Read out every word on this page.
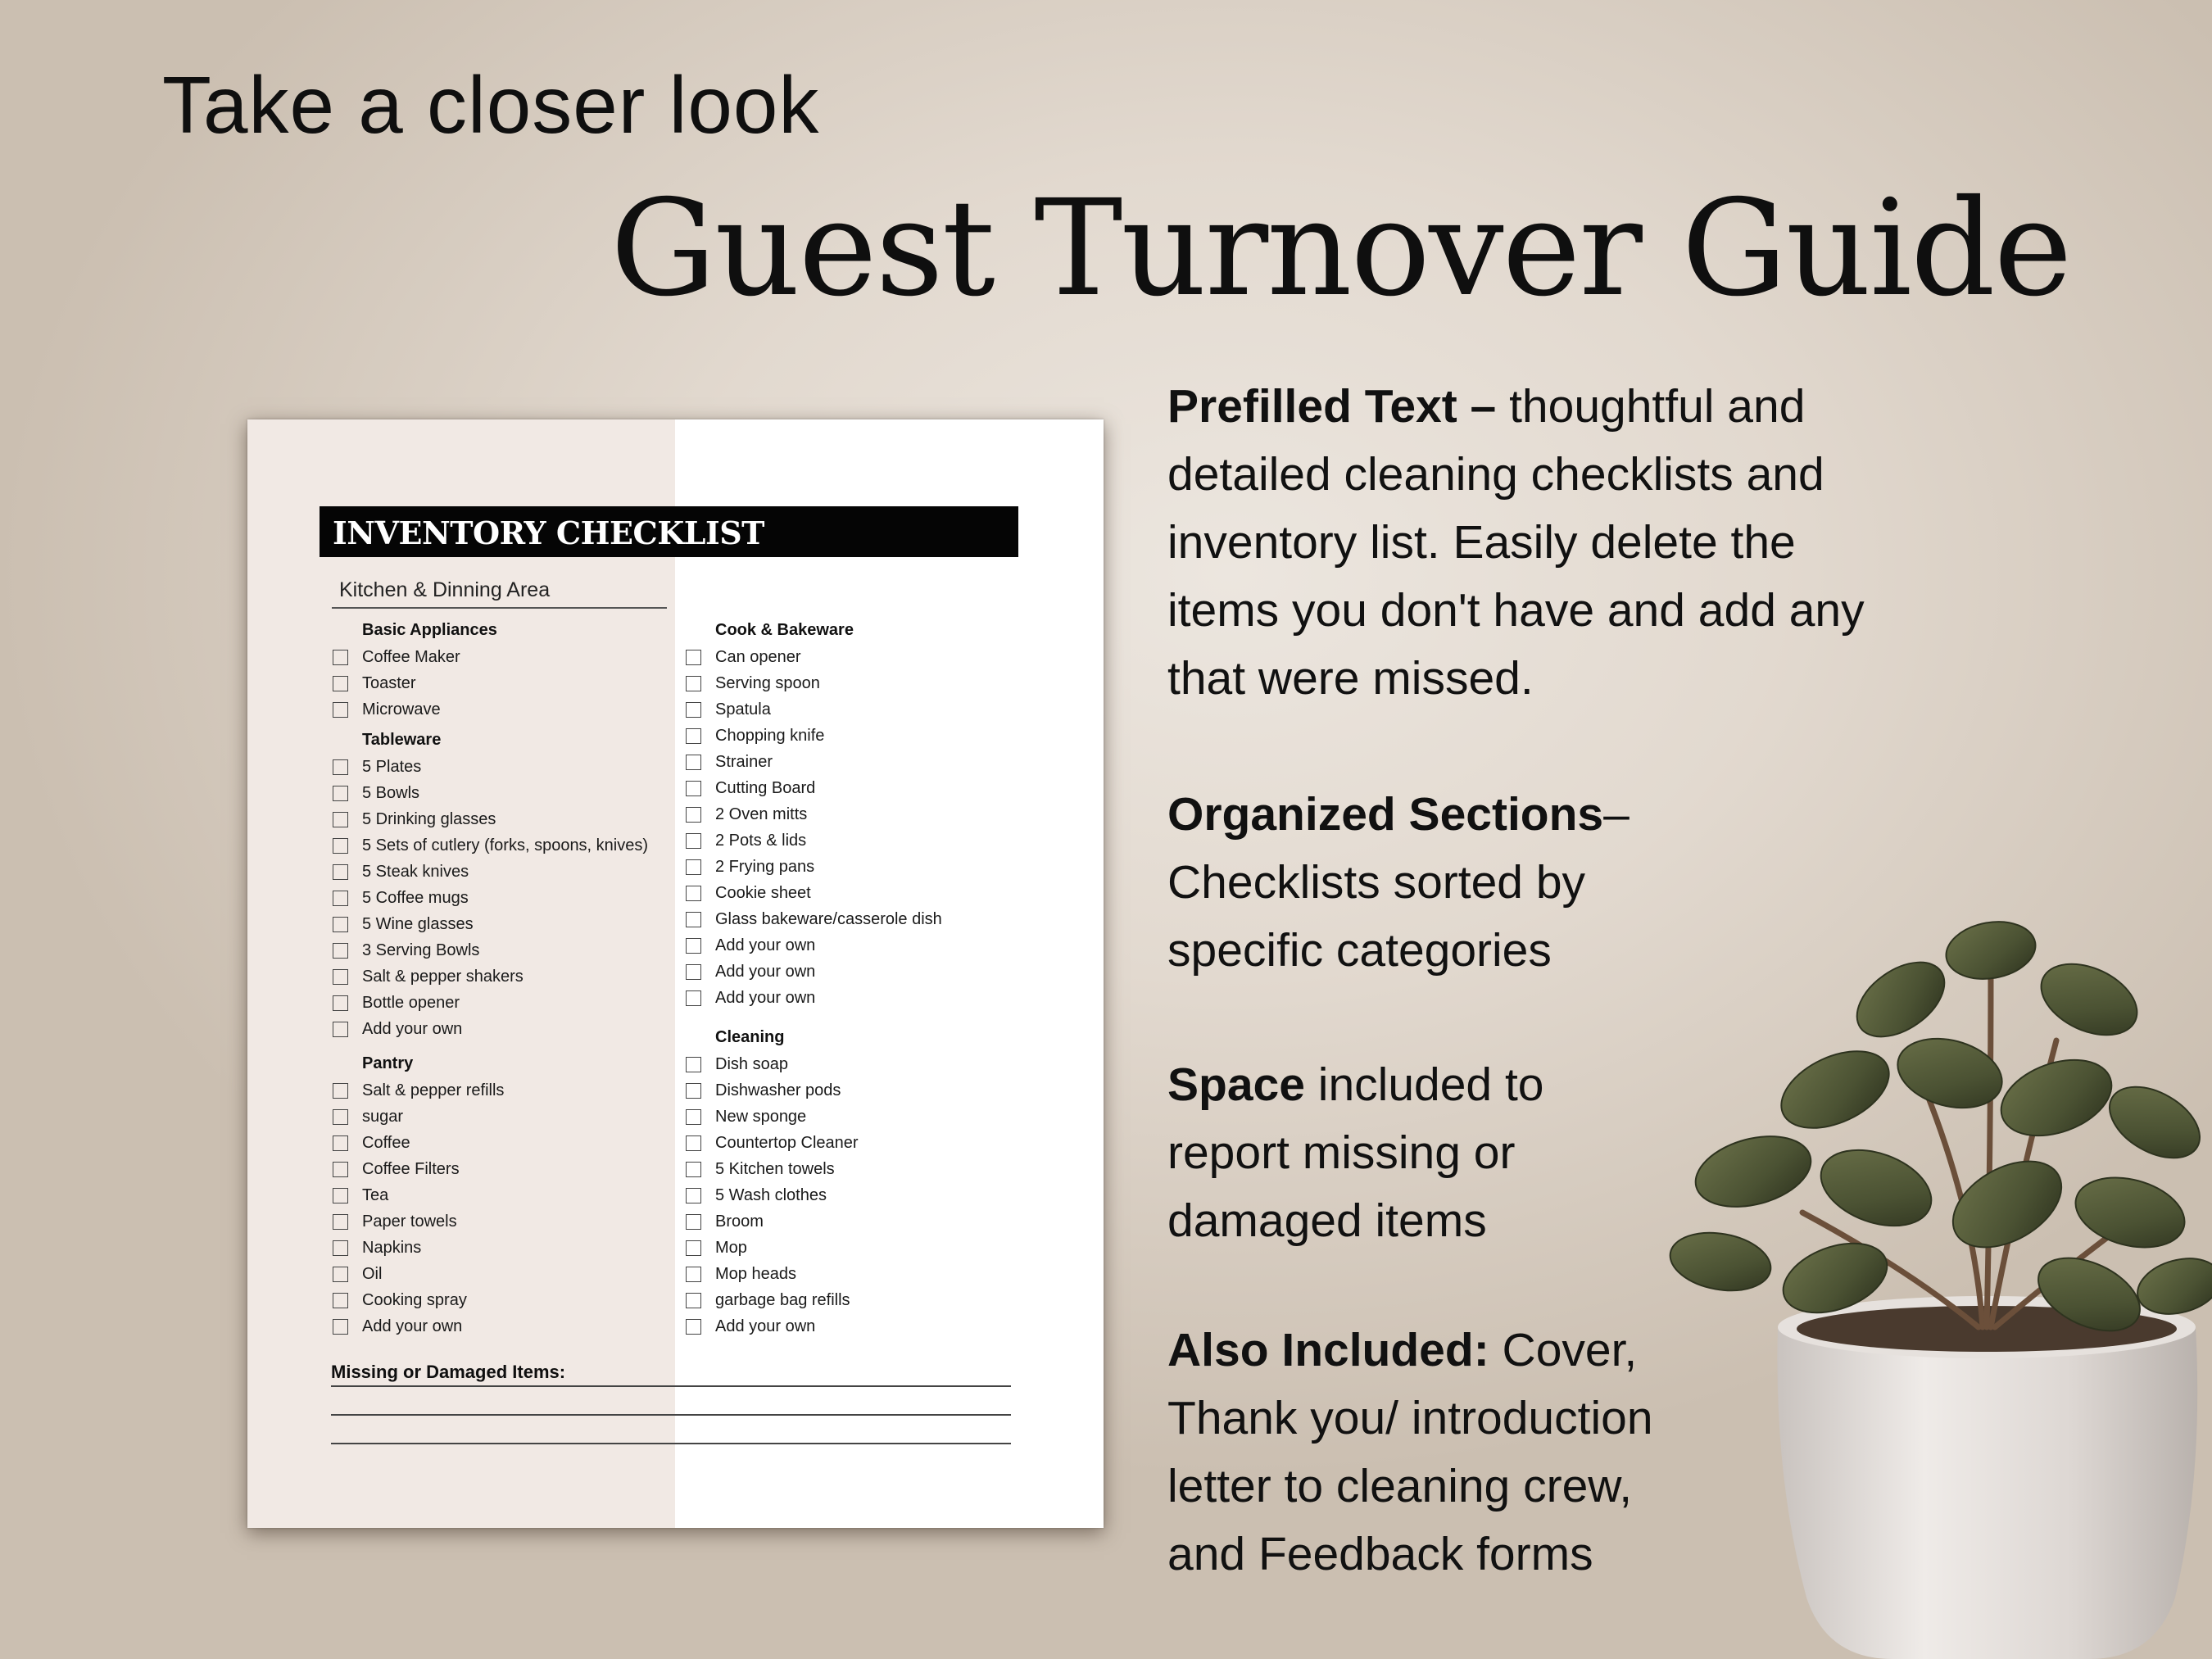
Take a closer look
Guest Turnover Guide
INVENTORY CHECKLIST
Kitchen & Dinning Area
Basic Appliances
Coffee Maker
Toaster
Microwave
Tableware
5 Plates
5 Bowls
5 Drinking glasses
5 Sets of cutlery (forks, spoons, knives)
5 Steak knives
5 Coffee mugs
5 Wine glasses
3 Serving Bowls
Salt & pepper shakers
Bottle opener
Add your own
Pantry
Salt & pepper refills
sugar
Coffee
Coffee Filters
Tea
Paper towels
Napkins
Oil
Cooking spray
Add your own
Cook & Bakeware
Can opener
Serving spoon
Spatula
Chopping knife
Strainer
Cutting Board
2 Oven mitts
2 Pots & lids
2 Frying pans
Cookie sheet
Glass bakeware/casserole dish
Add your own
Add your own
Add your own
Cleaning
Dish soap
Dishwasher pods
New sponge
Countertop Cleaner
5 Kitchen towels
5 Wash clothes
Broom
Mop
Mop heads
garbage bag refills
Add your own
Missing or Damaged Items:
Prefilled Text – thoughtful and
detailed cleaning checklists and
inventory list. Easily delete the
items you don't have and add any
that were missed.
Organized Sections–
Checklists sorted by
specific categories
Space included to
report missing or
damaged items
Also Included: Cover,
Thank you/ introduction
letter to cleaning crew,
and Feedback forms
